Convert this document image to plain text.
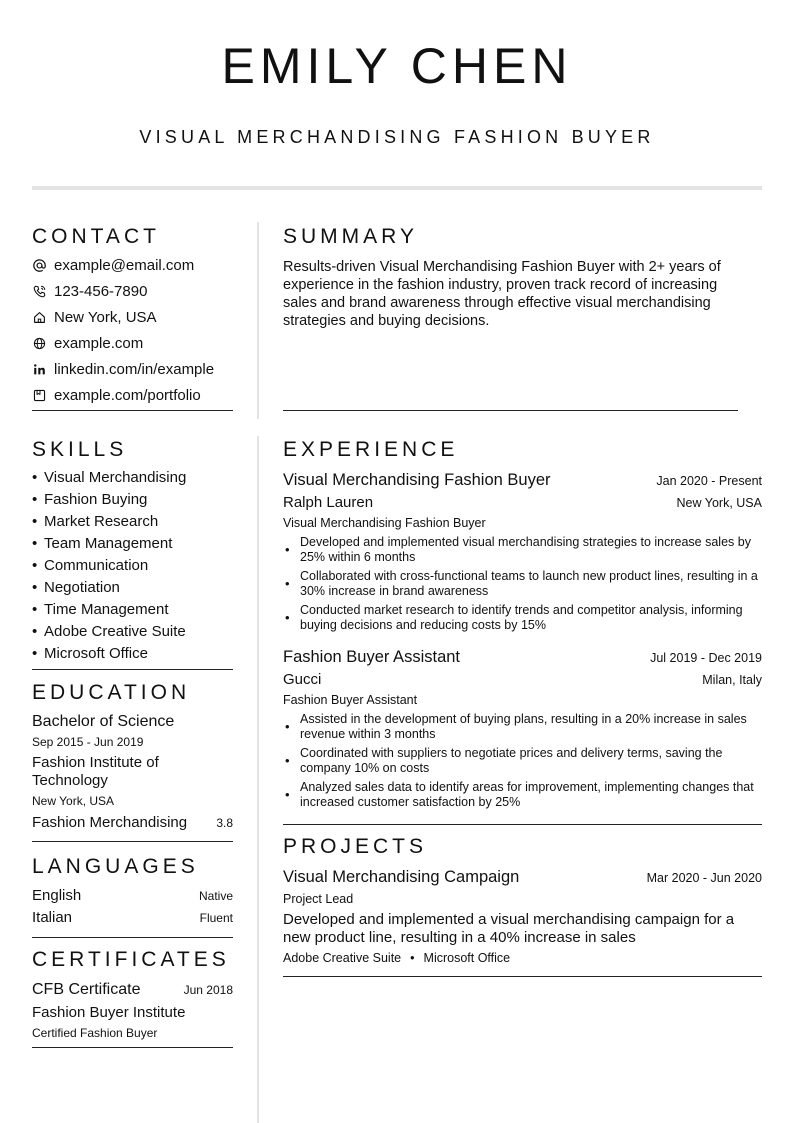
EMILY CHEN
VISUAL MERCHANDISING FASHION BUYER
CONTACT
example@email.com
123-456-7890
New York, USA
example.com
linkedin.com/in/example
example.com/portfolio
SKILLS
• Visual Merchandising
• Fashion Buying
• Market Research
• Team Management
• Communication
• Negotiation
• Time Management
• Adobe Creative Suite
• Microsoft Office
EDUCATION
Bachelor of Science
Sep 2015 - Jun 2019
Fashion Institute of Technology
New York, USA
Fashion Merchandising 3.8
LANGUAGES
English	Native
Italian	Fluent
CERTIFICATES
CFB Certificate	Jun 2018
Fashion Buyer Institute
Certified Fashion Buyer
SUMMARY
Results-driven Visual Merchandising Fashion Buyer with 2+ years of experience in the fashion industry, proven track record of increasing sales and brand awareness through effective visual merchandising strategies and buying decisions.
EXPERIENCE
Visual Merchandising Fashion Buyer	Jan 2020 - Present
Ralph Lauren	New York, USA
Visual Merchandising Fashion Buyer
• Developed and implemented visual merchandising strategies to increase sales by 25% within 6 months
• Collaborated with cross-functional teams to launch new product lines, resulting in a 30% increase in brand awareness
• Conducted market research to identify trends and competitor analysis, informing buying decisions and reducing costs by 15%
Fashion Buyer Assistant	Jul 2019 - Dec 2019
Gucci	Milan, Italy
Fashion Buyer Assistant
• Assisted in the development of buying plans, resulting in a 20% increase in sales revenue within 3 months
• Coordinated with suppliers to negotiate prices and delivery terms, saving the company 10% on costs
• Analyzed sales data to identify areas for improvement, implementing changes that increased customer satisfaction by 25%
PROJECTS
Visual Merchandising Campaign	Mar 2020 - Jun 2020
Project Lead
Developed and implemented a visual merchandising campaign for a new product line, resulting in a 40% increase in sales
Adobe Creative Suite • Microsoft Office
